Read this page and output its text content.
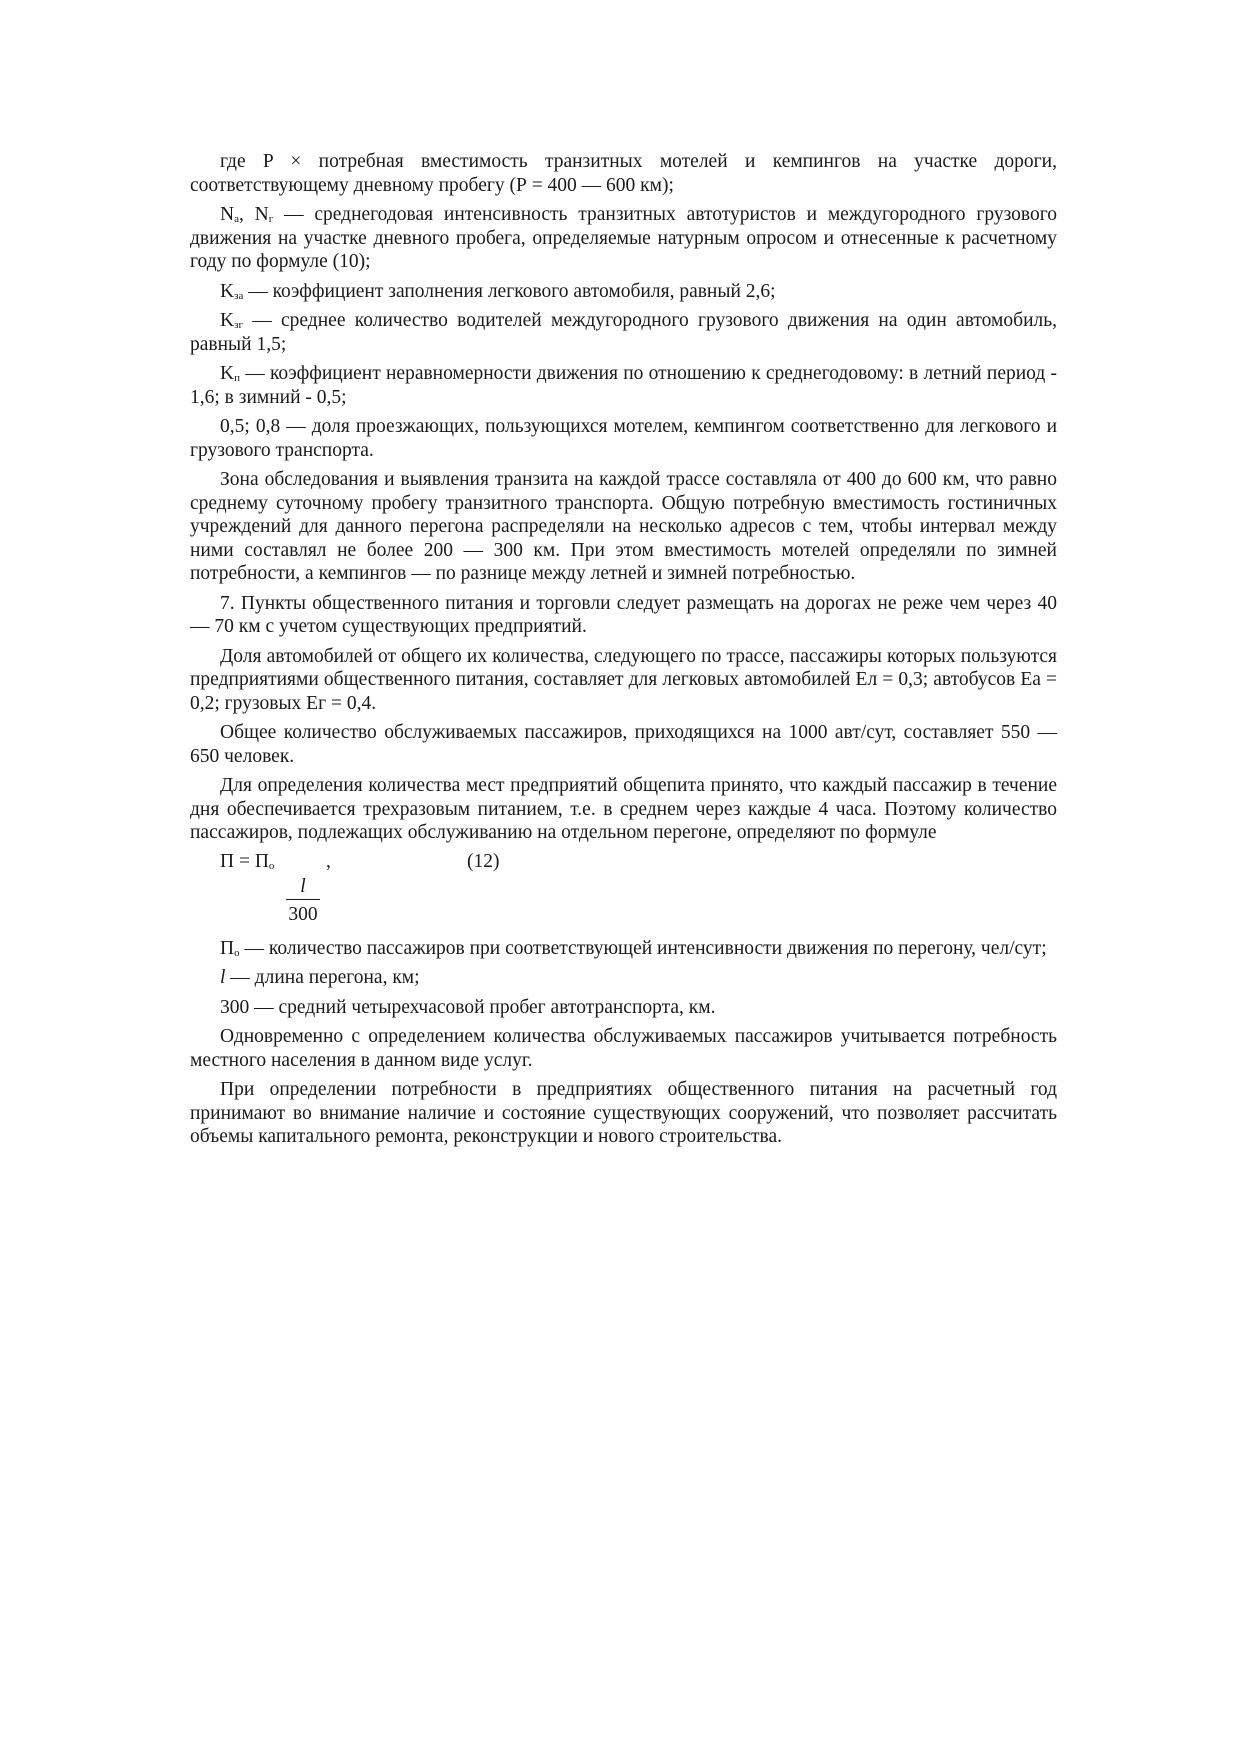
где P × потребная вместимость транзитных мотелей и кемпингов на участке дороги, соответствующему дневному пробегу (Р = 400 — 600 км);

$N_а$, $N_г$ — среднегодовая интенсивность транзитных автотуристов и междугородного грузового движения на участке дневного пробега, определяемые натурным опросом и отнесенные к расчетному году по формуле (10);

$K_{за}$ — коэффициент заполнения легкового автомобиля, равный 2,6;

$K_{зг}$ — среднее количество водителей междугородного грузового движения на один автомобиль, равный 1,5;

$K_п$ — коэффициент неравномерности движения по отношению к среднегодовому: в летний период - 1,6; в зимний - 0,5;

0,5; 0,8 — доля проезжающих, пользующихся мотелем, кемпингом соответственно для легкового и грузового транспорта.

Зона обследования и выявления транзита на каждой трассе составляла от 400 до 600 км, что равно среднему суточному пробегу транзитного транспорта. Общую потребную вместимость гостиничных учреждений для данного перегона распределяли на несколько адресов с тем, чтобы интервал между ними составлял не более 200 — 300 км. При этом вместимость мотелей определяли по зимней потребности, а кемпингов — по разнице между летней и зимней потребностью.

7. Пункты общественного питания и торговли следует размещать на дорогах не реже чем через 40 — 70 км с учетом существующих предприятий.

Доля автомобилей от общего их количества, следующего по трассе, пассажиры которых пользуются предприятиями общественного питания, составляет для легковых автомобилей Ел = 0,3; автобусов Еа = 0,2; грузовых Ег = 0,4.

Общее количество обслуживаемых пассажиров, приходящихся на 1000 авт/сут, составляет 550 — 650 человек.

Для определения количества мест предприятий общепита принято, что каждый пассажир в течение дня обеспечивается трехразовым питанием, т.е. в среднем через каждые 4 часа. Поэтому количество пассажиров, подлежащих обслуживанию на отдельном перегоне, определяют по формуле

$П = П_о$	,	(12)
$\frac{l}{300}$

$П_о$ — количество пассажиров при соответствующей интенсивности движения по перегону, чел/сут;

l — длина перегона, км;

300 — средний четырехчасовой пробег автотранспорта, км.

Одновременно с определением количества обслуживаемых пассажиров учитывается потребность местного населения в данном виде услуг.

При определении потребности в предприятиях общественного питания на расчетный год принимают во внимание наличие и состояние существующих сооружений, что позволяет рассчитать объемы капитального ремонта, реконструкции и нового строительства.
